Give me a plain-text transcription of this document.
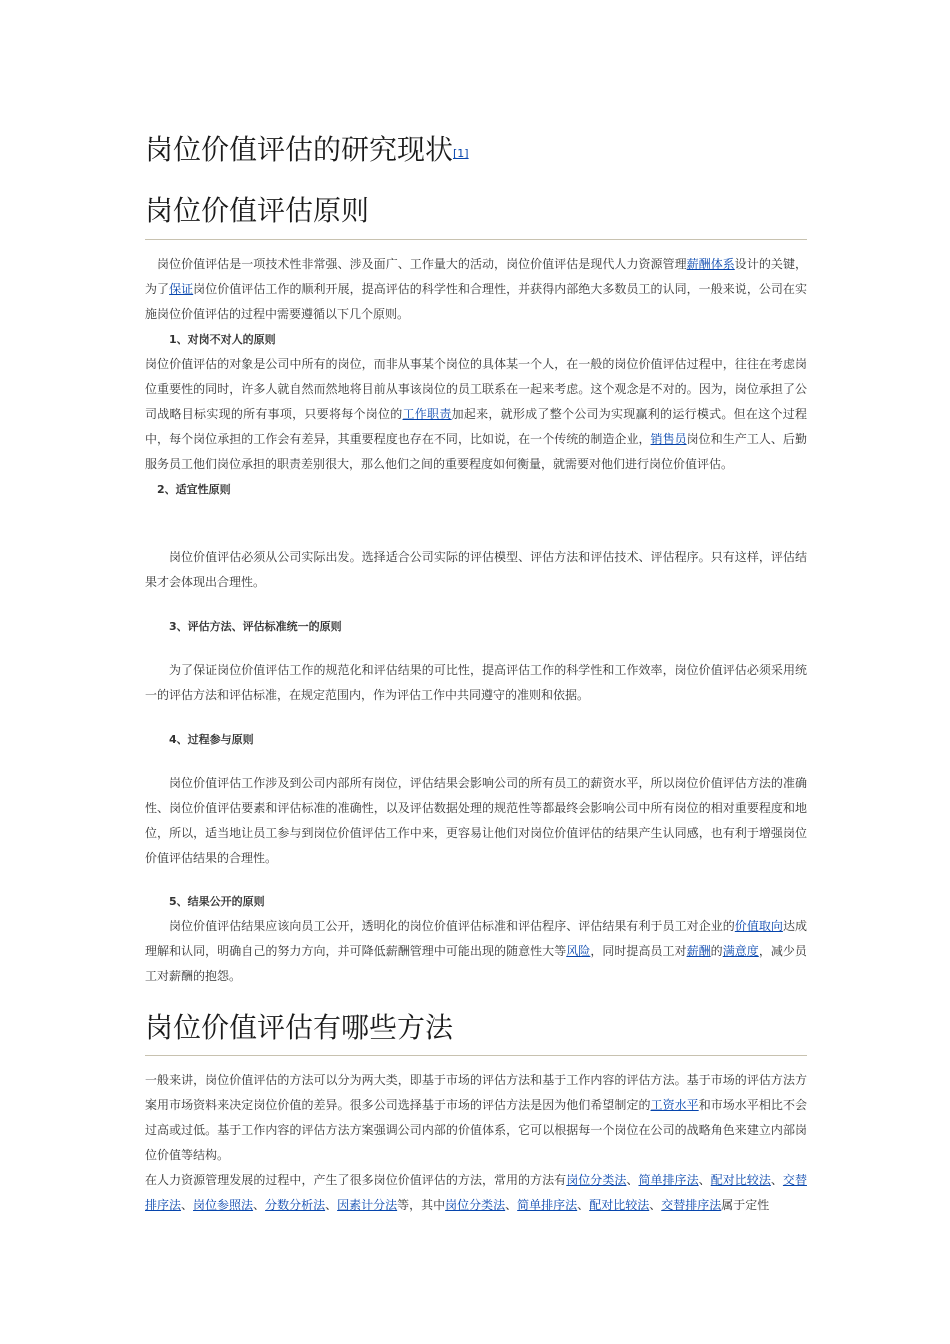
岗位价值评估的研究现状[1]
岗位价值评估原则

岗位价值评估是一项技术性非常强、涉及面广、工作量大的活动，岗位价值评估是现代人力资源管理薪酬体系设计的关键，为了保证岗位价值评估工作的顺利开展，提高评估的科学性和合理性，并获得内部绝大多数员工的认同，一般来说，公司在实施岗位价值评估的过程中需要遵循以下几个原则。

1、对岗不对人的原则

岗位价值评估的对象是公司中所有的岗位，而非从事某个岗位的具体某一个人，在一般的岗位价值评估过程中，往往在考虑岗位重要性的同时，许多人就自然而然地将目前从事该岗位的员工联系在一起来考虑。这个观念是不对的。因为，岗位承担了公司战略目标实现的所有事项，只要将每个岗位的工作职责加起来，就形成了整个公司为实现赢利的运行模式。但在这个过程中，每个岗位承担的工作会有差异，其重要程度也存在不同，比如说，在一个传统的制造企业，销售员岗位和生产工人、后勤服务员工他们岗位承担的职责差别很大，那么他们之间的重要程度如何衡量，就需要对他们进行岗位价值评估。

2、适宜性原则

岗位价值评估必须从公司实际出发。选择适合公司实际的评估模型、评估方法和评估技术、评估程序。只有这样，评估结果才会体现出合理性。

3、评估方法、评估标准统一的原则

为了保证岗位价值评估工作的规范化和评估结果的可比性，提高评估工作的科学性和工作效率，岗位价值评估必须采用统一的评估方法和评估标准，在规定范围内，作为评估工作中共同遵守的准则和依据。

4、过程参与原则

岗位价值评估工作涉及到公司内部所有岗位，评估结果会影响公司的所有员工的薪资水平，所以岗位价值评估方法的准确性、岗位价值评估要素和评估标准的准确性，以及评估数据处理的规范性等都最终会影响公司中所有岗位的相对重要程度和地位，所以，适当地让员工参与到岗位价值评估工作中来，更容易让他们对岗位价值评估的结果产生认同感，也有利于增强岗位价值评估结果的合理性。

5、结果公开的原则

岗位价值评估结果应该向员工公开，透明化的岗位价值评估标准和评估程序、评估结果有利于员工对企业的价值取向达成理解和认同，明确自己的努力方向，并可降低薪酬管理中可能出现的随意性大等风险，同时提高员工对薪酬的满意度，减少员工对薪酬的抱怨。

岗位价值评估有哪些方法

一般来讲，岗位价值评估的方法可以分为两大类，即基于市场的评估方法和基于工作内容的评估方法。基于市场的评估方法方案用市场资料来决定岗位价值的差异。很多公司选择基于市场的评估方法是因为他们希望制定的工资水平和市场水平相比不会过高或过低。基于工作内容的评估方法方案强调公司内部的价值体系，它可以根据每一个岗位在公司的战略角色来建立内部岗位价值等结构。

在人力资源管理发展的过程中，产生了很多岗位价值评估的方法，常用的方法有岗位分类法、简单排序法、配对比较法、交替排序法、岗位参照法、分数分析法、因素计分法等，其中岗位分类法、简单排序法、配对比较法、交替排序法属于定性
